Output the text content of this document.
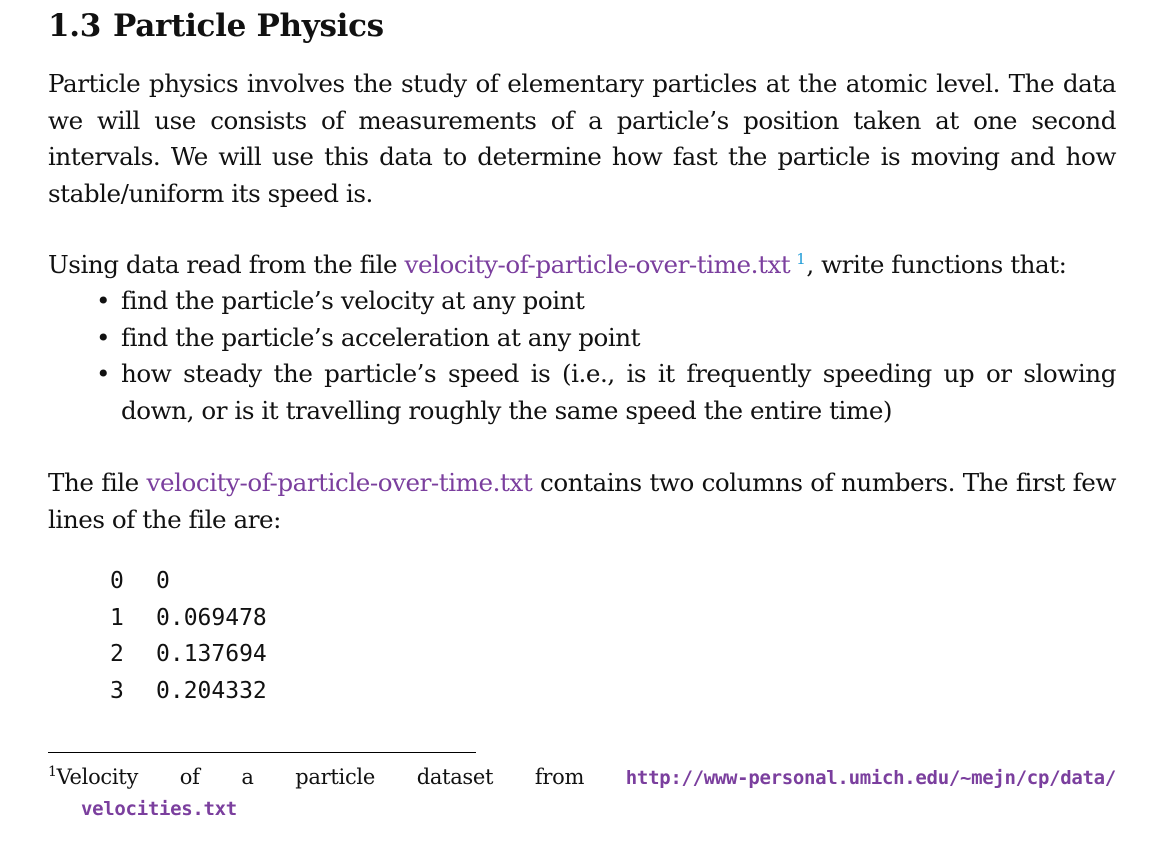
1.3 Particle Physics

Particle physics involves the study of elementary particles at the atomic level. The data we will use consists of measurements of a particle’s position taken at one second intervals. We will use this data to determine how fast the particle is moving and how stable/uniform its speed is.

Using data read from the file velocity-of-particle-over-time.txt $^1$, write functions that:

• find the particle’s velocity at any point
• find the particle’s acceleration at any point
• how steady the particle’s speed is (i.e., is it frequently speeding up or slowing down, or is it travelling roughly the same speed the entire time)

The file velocity-of-particle-over-time.txt contains two columns of numbers. The first few lines of the file are:

0	0
1	0.069478
2	0.137694
3	0.204332
$^1$Velocity of a particle dataset from http://www-personal.umich.edu/~mejn/cp/data/
velocities.txt
